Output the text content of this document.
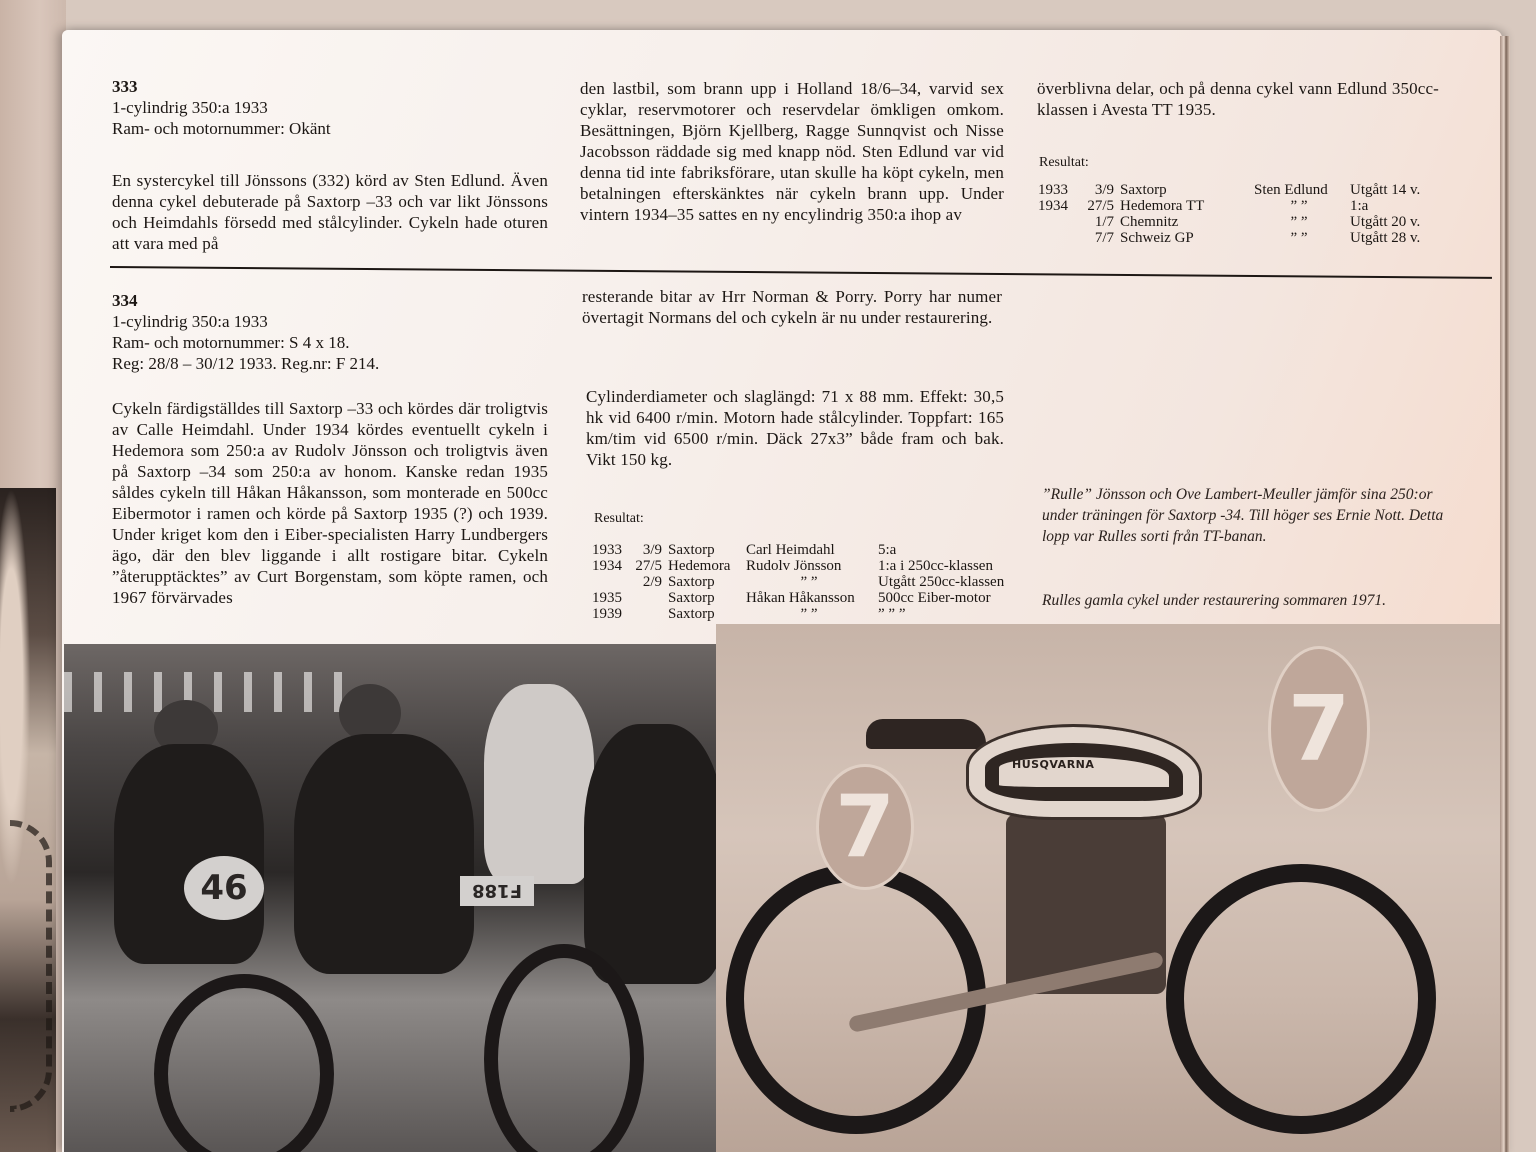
333
1-cylindrig 350:a 1933
Ram- och motornummer: Okänt
En systercykel till Jönssons (332) körd av Sten Edlund. Även denna cykel debuterade på Saxtorp –33 och var likt Jönssons och Heimdahls försedd med stålcylinder. Cykeln hade oturen att vara med på
den lastbil, som brann upp i Holland 18/6–34, varvid sex cyklar, reservmotorer och reservdelar ömkligen omkom. Besättningen, Björn Kjellberg, Ragge Sunnqvist och Nisse Jacobsson räddade sig med knapp nöd. Sten Edlund var vid denna tid inte fabriksförare, utan skulle ha köpt cykeln, men betalningen efterskänktes när cykeln brann upp. Under vintern 1934–35 sattes en ny encylindrig 350:a ihop av
överblivna delar, och på denna cykel vann Edlund 350cc-klassen i Avesta TT 1935.
Resultat:
1933	3/9	Saxtorp	Sten Edlund	Utgått 14 v.
1934	27/5	Hedemora TT	” ”	1:a
	1/7	Chemnitz	” ”	Utgått 20 v.
	7/7	Schweiz GP	” ”	Utgått 28 v.
334
1-cylindrig 350:a 1933
Ram- och motornummer: S 4 x 18.
Reg: 28/8 – 30/12 1933. Reg.nr: F 214.
Cykeln färdigställdes till Saxtorp –33 och kördes där troligtvis av Calle Heimdahl. Under 1934 kördes eventuellt cykeln i Hedemora som 250:a av Rudolv Jönsson och troligtvis även på Saxtorp –34 som 250:a av honom. Kanske redan 1935 såldes cykeln till Håkan Håkansson, som monterade en 500cc Eibermotor i ramen och körde på Saxtorp 1935 (?) och 1939. Under kriget kom den i Eiber-specialisten Harry Lundbergers ägo, där den blev liggande i allt rostigare bitar. Cykeln ”återupptäcktes” av Curt Borgenstam, som köpte ramen, och 1967 förvärvades
resterande bitar av Hrr Norman & Porry. Porry har numer övertagit Normans del och cykeln är nu under restaurering.
Cylinderdiameter och slaglängd: 71 x 88 mm. Effekt: 30,5 hk vid 6400 r/min. Motorn hade stålcylinder. Toppfart: 165 km/tim vid 6500 r/min. Däck 27x3” både fram och bak. Vikt 150 kg.
Resultat:
1933	3/9	Saxtorp	Carl Heimdahl	5:a
1934	27/5	Hedemora	Rudolv Jönsson	1:a i 250cc-klassen
	2/9	Saxtorp	” ”	Utgått 250cc-klassen
1935		Saxtorp	Håkan Håkansson	500cc Eiber-motor
1939		Saxtorp	” ”	” ” ”
”Rulle” Jönsson och Ove Lambert-Meuller jämför sina 250:or under träningen för Saxtorp -34. Till höger ses Ernie Nott. Detta lopp var Rulles sorti från TT-banan.
Rulles gamla cykel under restaurering sommaren 1971.
46	F188
HUSQVARNA
7
7
